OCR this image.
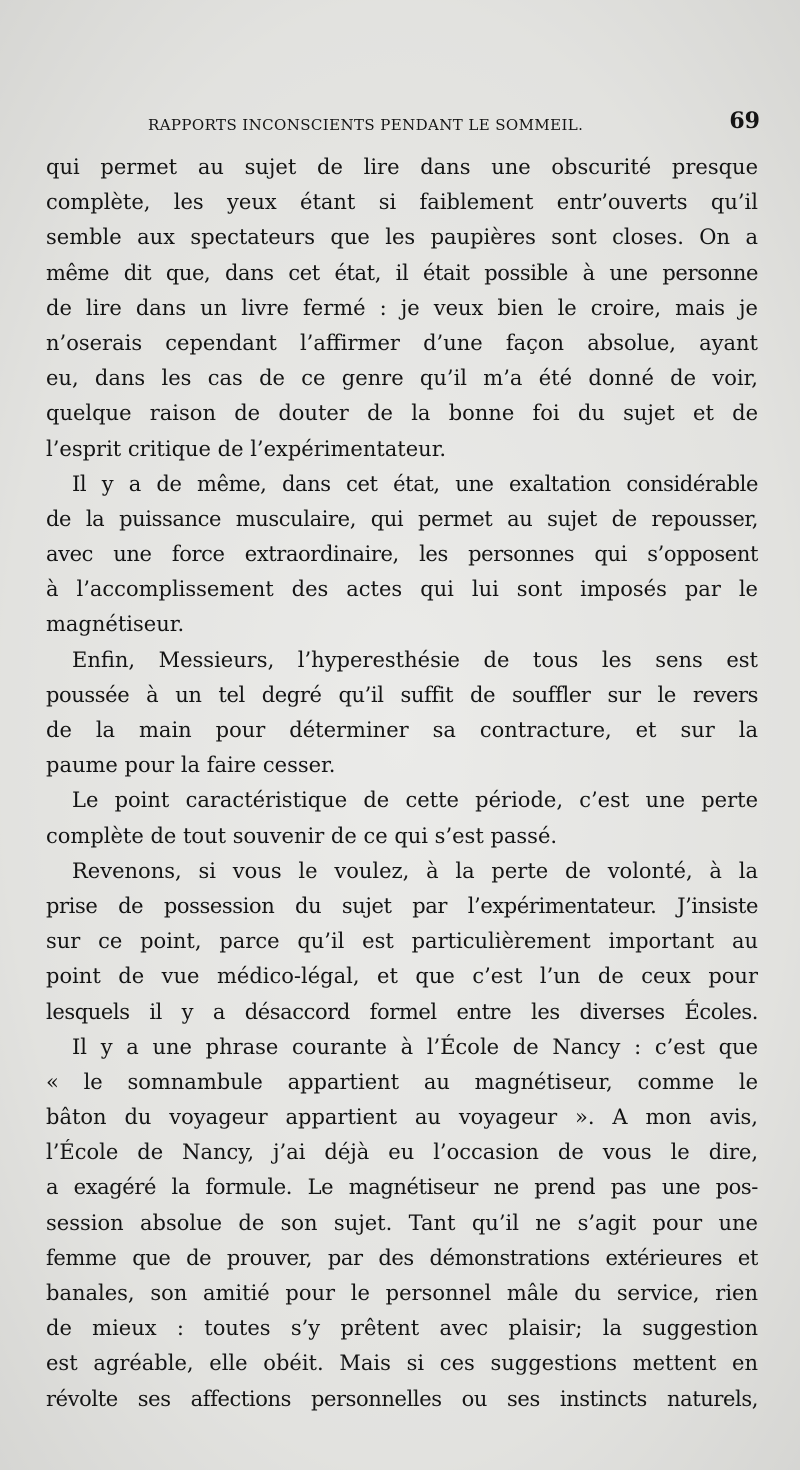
RAPPORTS INCONSCIENTS PENDANT LE SOMMEIL.	69
qui permet au sujet de lire dans une obscurité presque
complète, les yeux étant si faiblement entr’ouverts qu’il
semble aux spectateurs que les paupières sont closes. On a
même dit que, dans cet état, il était possible à une personne
de lire dans un livre fermé : je veux bien le croire, mais je
n’oserais cependant l’affirmer d’une façon absolue, ayant
eu, dans les cas de ce genre qu’il m’a été donné de voir,
quelque raison de douter de la bonne foi du sujet et de
l’esprit critique de l’expérimentateur.
Il y a de même, dans cet état, une exaltation considérable
de la puissance musculaire, qui permet au sujet de repousser,
avec une force extraordinaire, les personnes qui s’opposent
à l’accomplissement des actes qui lui sont imposés par le
magnétiseur.
Enfin, Messieurs, l’hyperesthésie de tous les sens est
poussée à un tel degré qu’il suffit de souffler sur le revers
de la main pour déterminer sa contracture, et sur la
paume pour la faire cesser.
Le point caractéristique de cette période, c’est une perte
complète de tout souvenir de ce qui s’est passé.
Revenons, si vous le voulez, à la perte de volonté, à la
prise de possession du sujet par l’expérimentateur. J’insiste
sur ce point, parce qu’il est particulièrement important au
point de vue médico-légal, et que c’est l’un de ceux pour
lesquels il y a désaccord formel entre les diverses Écoles.
Il y a une phrase courante à l’École de Nancy : c’est que
« le somnambule appartient au magnétiseur, comme le
bâton du voyageur appartient au voyageur ». A mon avis,
l’École de Nancy, j’ai déjà eu l’occasion de vous le dire,
a exagéré la formule. Le magnétiseur ne prend pas une pos-
session absolue de son sujet. Tant qu’il ne s’agit pour une
femme que de prouver, par des démonstrations extérieures et
banales, son amitié pour le personnel mâle du service, rien
de mieux : toutes s’y prêtent avec plaisir; la suggestion
est agréable, elle obéit. Mais si ces suggestions mettent en
révolte ses affections personnelles ou ses instincts naturels,
